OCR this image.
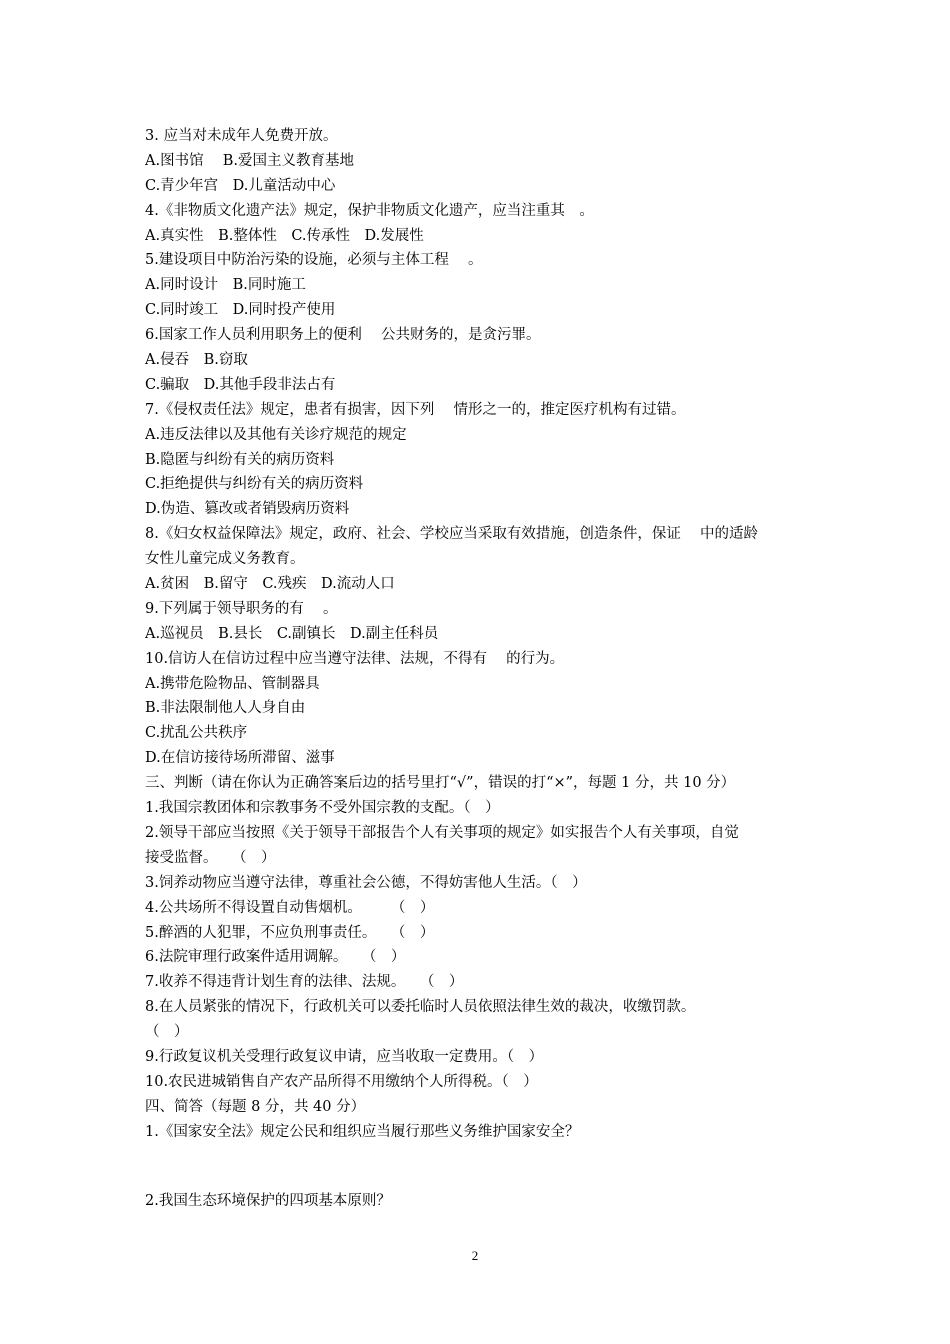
3. 应当对未成年人免费开放。
A.图书馆　 B.爱国主义教育基地
C.青少年宫　D.儿童活动中心
4.《非物质文化遗产法》规定，保护非物质文化遗产，应当注重其　。
A.真实性　B.整体性　C.传承性　D.发展性
5.建设项目中防治污染的设施，必须与主体工程　 。
A.同时设计　B.同时施工
C.同时竣工　D.同时投产使用
6.国家工作人员利用职务上的便利　 公共财务的，是贪污罪。
A.侵吞　B.窃取
C.骗取　D.其他手段非法占有
7.《侵权责任法》规定，患者有损害，因下列　 情形之一的，推定医疗机构有过错。
A.违反法律以及其他有关诊疗规范的规定
B.隐匿与纠纷有关的病历资料
C.拒绝提供与纠纷有关的病历资料
D.伪造、篡改或者销毁病历资料
8.《妇女权益保障法》规定，政府、社会、学校应当采取有效措施，创造条件，保证　 中的适龄
女性儿童完成义务教育。
A.贫困　B.留守　C.残疾　D.流动人口
9.下列属于领导职务的有　 。
A.巡视员　B.县长　C.副镇长　D.副主任科员
10.信访人在信访过程中应当遵守法律、法规，不得有　 的行为。
A.携带危险物品、管制器具
B.非法限制他人人身自由
C.扰乱公共秩序
D.在信访接待场所滞留、滋事
三、判断（请在你认为正确答案后边的括号里打“√”，错误的打“×”，每题 1 分，共 10 分）
1.我国宗教团体和宗教事务不受外国宗教的支配。（　）
2.领导干部应当按照《关于领导干部报告个人有关事项的规定》如实报告个人有关事项，自觉
接受监督。　　（　）
3.饲养动物应当遵守法律，尊重社会公德，不得妨害他人生活。（　）
4.公共场所不得设置自动售烟机。　　　（　）
5.醉酒的人犯罪，不应负刑事责任。　　（　）
6.法院审理行政案件适用调解。　　（　）
7.收养不得违背计划生育的法律、法规。　　（　）
8.在人员紧张的情况下，行政机关可以委托临时人员依照法律生效的裁决，收缴罚款。
（　）
9.行政复议机关受理行政复议申请，应当收取一定费用。（　）
10.农民进城销售自产农产品所得不用缴纳个人所得税。（　）
四、简答（每题 8 分，共 40 分）
1.《国家安全法》规定公民和组织应当履行那些义务维护国家安全？
2.我国生态环境保护的四项基本原则？
2
